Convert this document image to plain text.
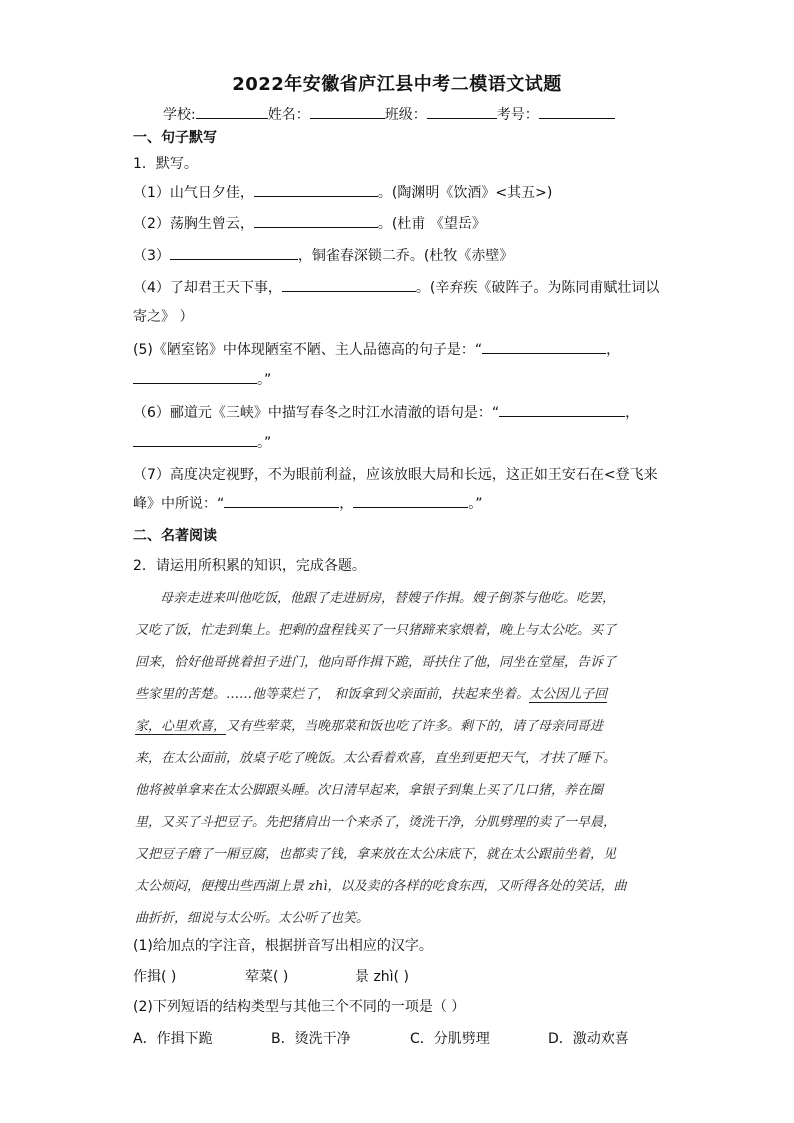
2022年安徽省庐江县中考二模语文试题
学校:	姓名：	班级：	考号：
一、句子默写
1．默写。
（1）山气日夕佳，	。(陶渊明《饮酒》<其五>)
（2）荡胸生曾云，	。(杜甫 《望岳》
（3）	，铜雀春深锁二乔。(杜牧《赤壁》
（4）了却君王天下事，	。(辛弃疾《破阵子。为陈同甫赋壮词以
寄之》 ）
(5)《陋室铭》中体现陋室不陋、主人品德高的句子是：“	，
。”
（6）郦道元《三峡》中描写春冬之时江水清澈的语句是：“	，
。”
（7）高度决定视野，不为眼前利益，应该放眼大局和长远，这正如王安石在<登飞来
峰》中所说：“	，	。”
二、名著阅读
2．请运用所积累的知识，完成各题。
母亲走进来叫他吃饭，他跟了走进厨房，替嫂子作揖。嫂子倒茶与他吃。吃罢，
又吃了饭，忙走到集上。把剩的盘程钱买了一只猪蹄来家煨着，晚上与太公吃。买了
回来，恰好他哥挑着担子进门，他向哥作揖下跪，哥扶住了他，同坐在堂屋，告诉了
些家里的苦楚。……他等菜烂了， 和饭拿到父亲面前，扶起来坐着。太公因儿子回
家，心里欢喜，又有些荤菜，当晚那菜和饭也吃了许多。剩下的，请了母亲同哥进
来，在太公面前，放桌子吃了晚饭。太公看着欢喜，直坐到更把天气，才扶了睡下。
他将被单拿来在太公脚跟头睡。次日清早起来，拿银子到集上买了几口猪，养在圈
里，又买了斗把豆子。先把猪肩出一个来杀了，烫洗干净，分肌劈理的卖了一早晨，
又把豆子磨了一厢豆腐，也都卖了钱，拿来放在太公床底下，就在太公跟前坐着，见
太公烦闷，便搜出些西湖上景 zhì，以及卖的各样的吃食东西，又听得各处的笑话，曲
曲折折，细说与太公听。太公听了也笑。
(1)给加点的字注音，根据拼音写出相应的汉字。
作揖( )	荤菜( )	景 zhì( )
(2)下列短语的结构类型与其他三个不同的一项是（ ）
A．作揖下跪	B．烫洗干净	C．分肌劈理	D．激动欢喜
